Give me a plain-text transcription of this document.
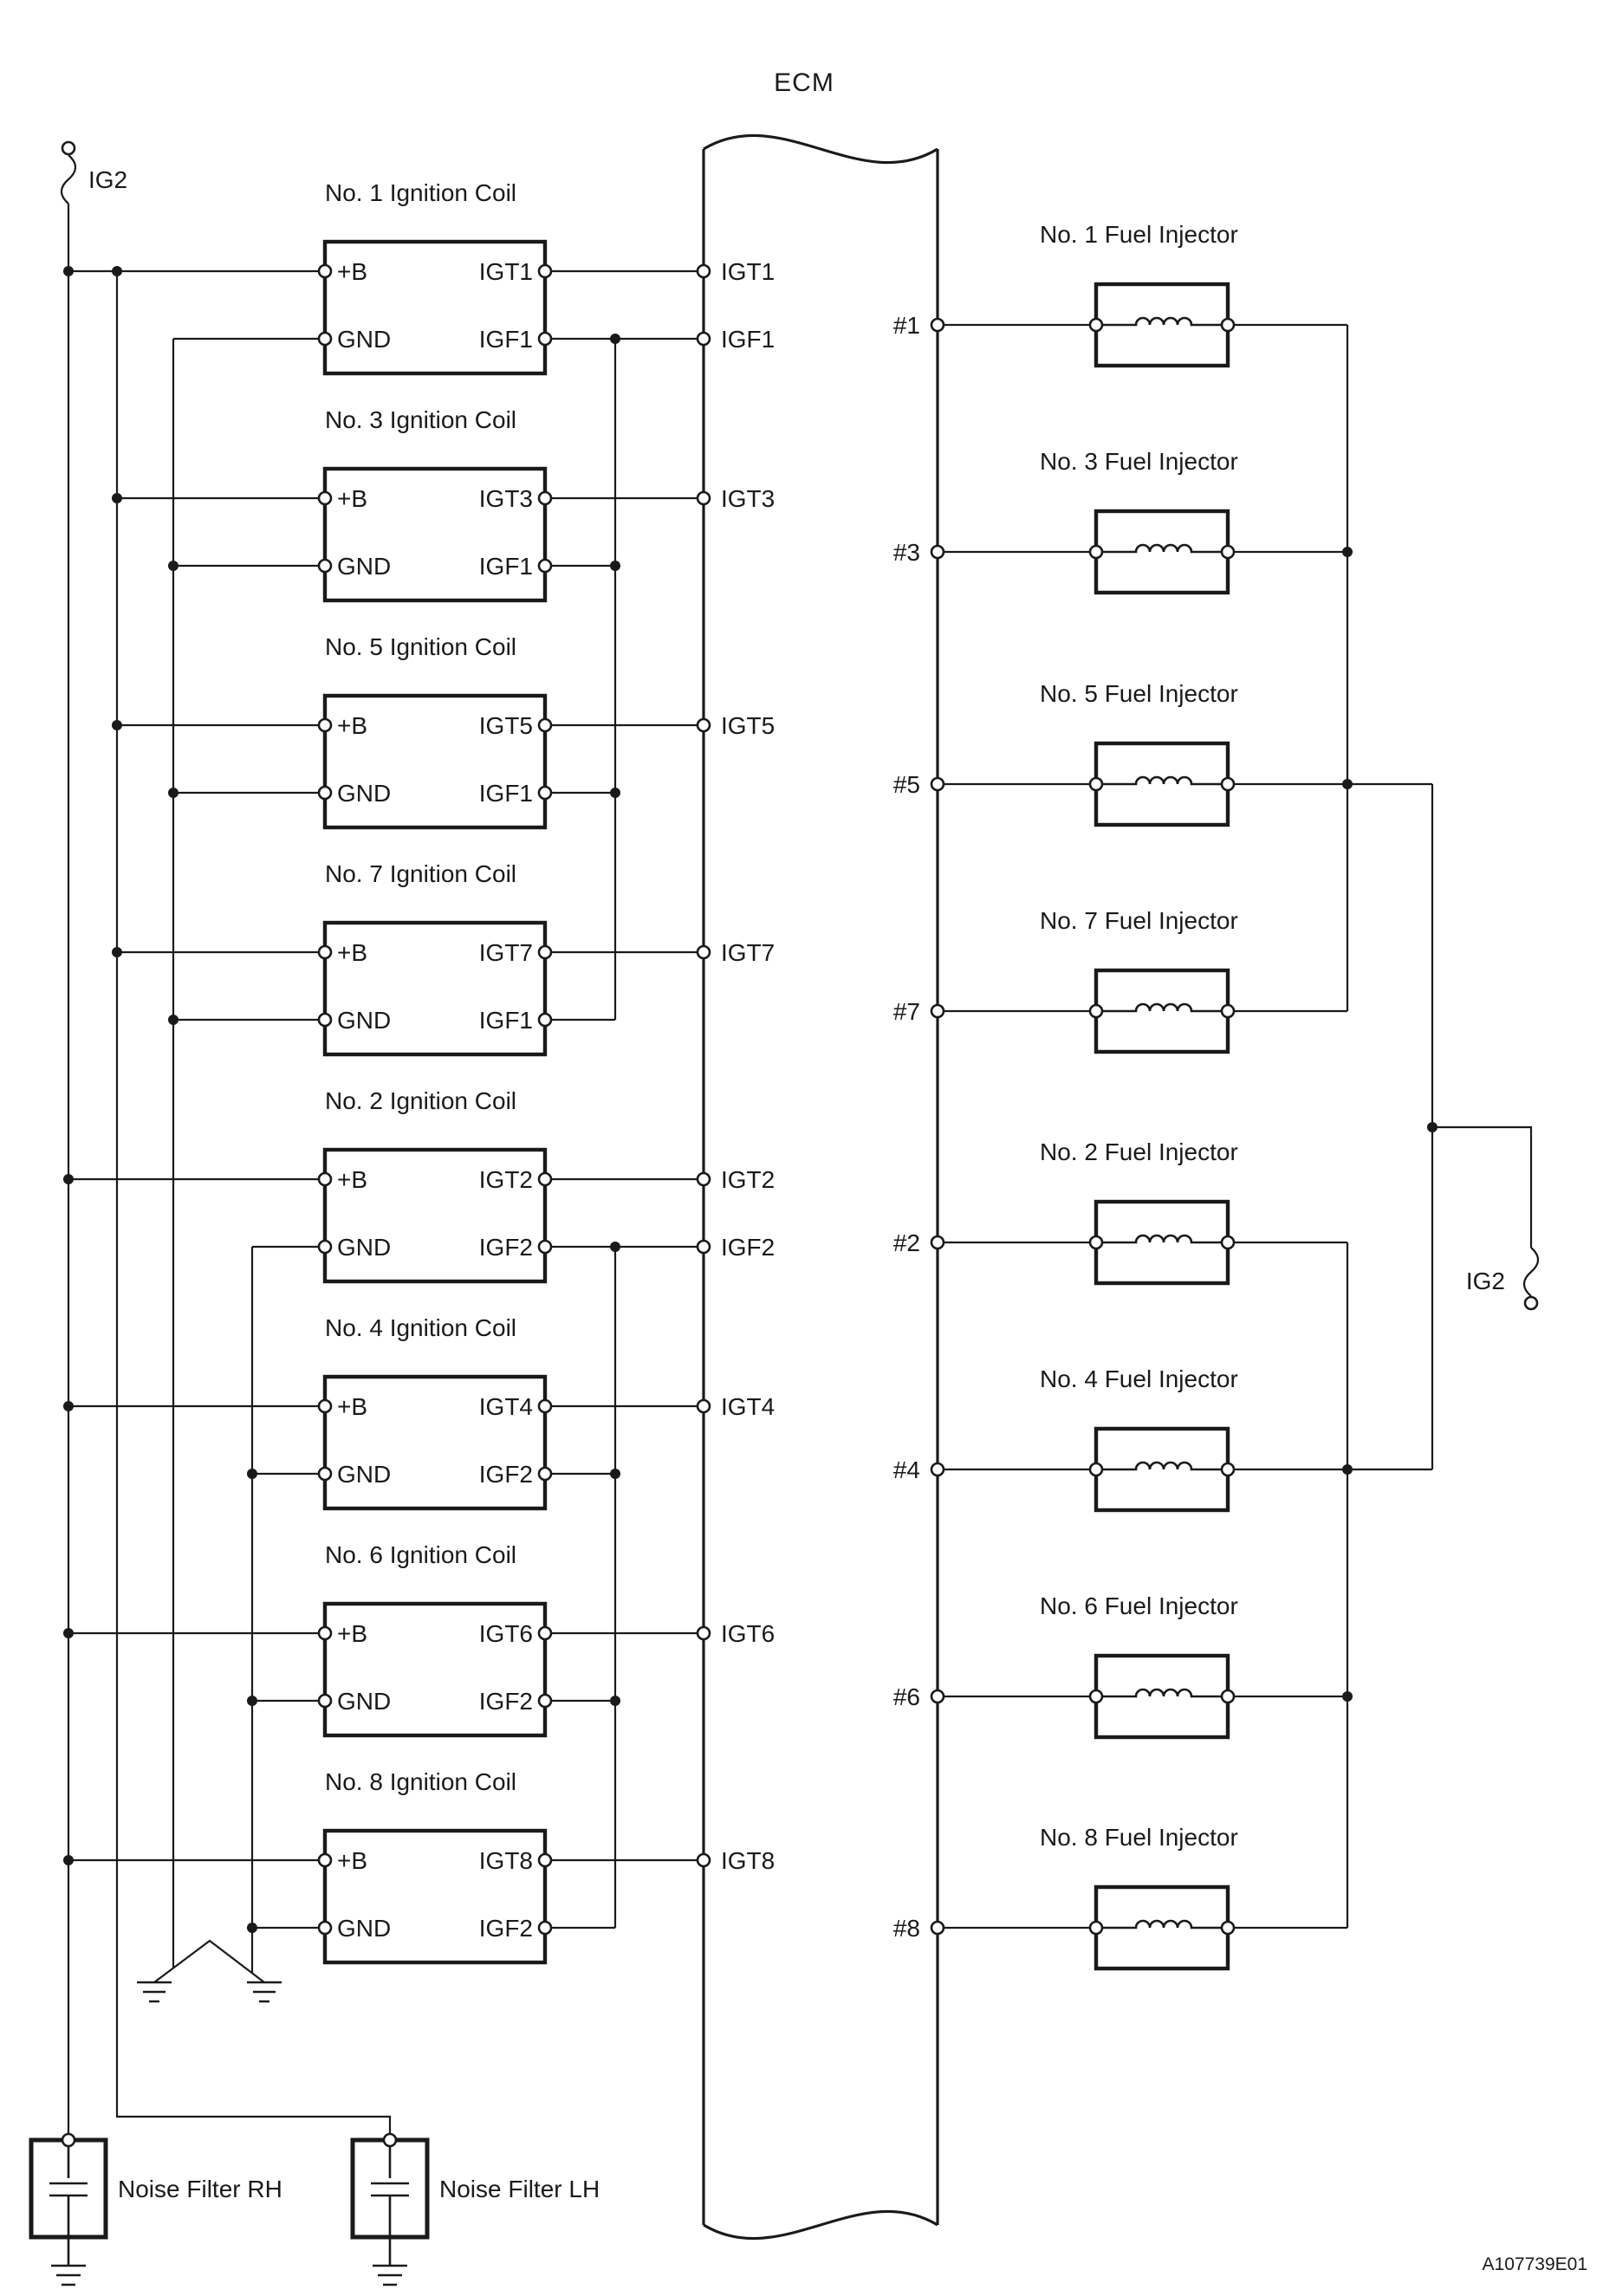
ECM
No. 1 Ignition Coil
+B
GND
IGT1
IGF1
No. 3 Ignition Coil
+B
GND
IGT3
IGF1
No. 5 Ignition Coil
+B
GND
IGT5
IGF1
No. 7 Ignition Coil
+B
GND
IGT7
IGF1
No. 2 Ignition Coil
+B
GND
IGT2
IGF2
No. 4 Ignition Coil
+B
GND
IGT4
IGF2
No. 6 Ignition Coil
+B
GND
IGT6
IGF2
No. 8 Ignition Coil
+B
GND
IGT8
IGF2
IGT1
IGF1
IGT3
IGT5
IGT7
IGT2
IGF2
IGT4
IGT6
IGT8
No. 1 Fuel Injector
#1
No. 3 Fuel Injector
#3
No. 5 Fuel Injector
#5
No. 7 Fuel Injector
#7
No. 2 Fuel Injector
#2
No. 4 Fuel Injector
#4
No. 6 Fuel Injector
#6
No. 8 Fuel Injector
#8
Noise Filter RH	Noise Filter LH
IG2
IG2
A107739E01
